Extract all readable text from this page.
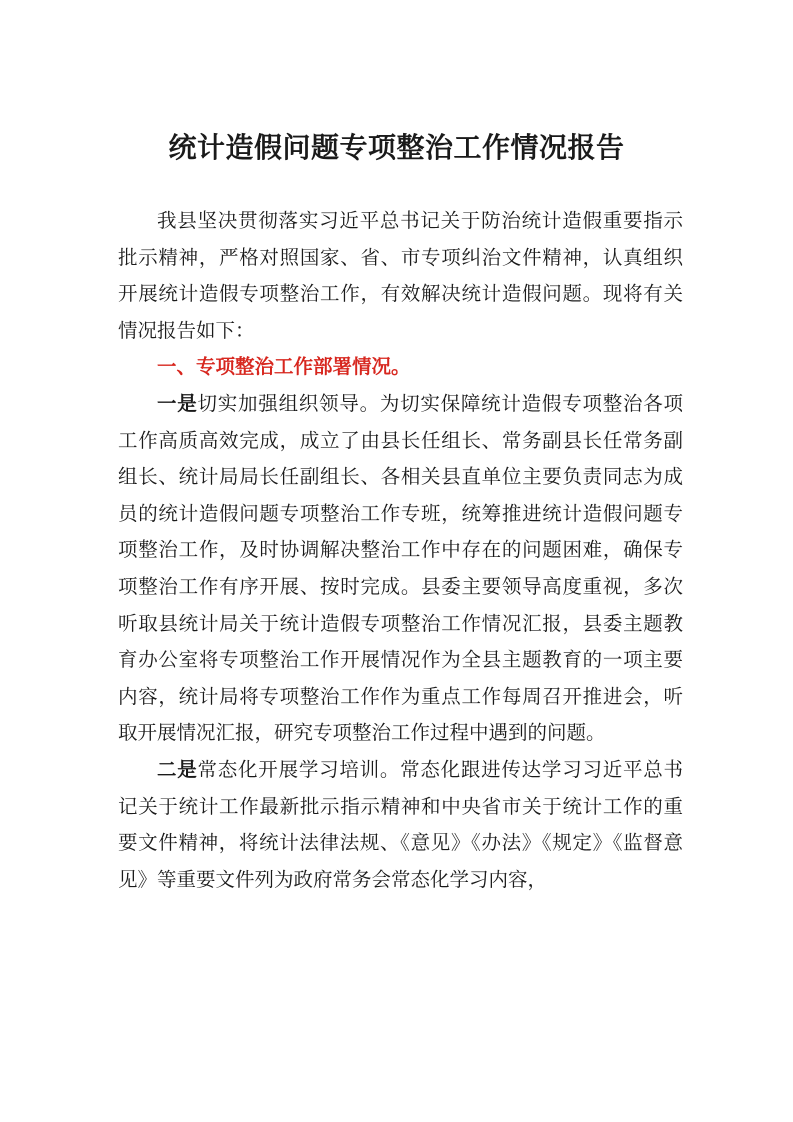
统计造假问题专项整治工作情况报告

我县坚决贯彻落实习近平总书记关于防治统计造假重要指示批示精神，严格对照国家、省、市专项纠治文件精神，认真组织开展统计造假专项整治工作，有效解决统计造假问题。现将有关情况报告如下：

一、专项整治工作部署情况。

一是切实加强组织领导。为切实保障统计造假专项整治各项工作高质高效完成，成立了由县长任组长、常务副县长任常务副组长、统计局局长任副组长、各相关县直单位主要负责同志为成员的统计造假问题专项整治工作专班，统筹推进统计造假问题专项整治工作，及时协调解决整治工作中存在的问题困难，确保专项整治工作有序开展、按时完成。县委主要领导高度重视，多次听取县统计局关于统计造假专项整治工作情况汇报，县委主题教育办公室将专项整治工作开展情况作为全县主题教育的一项主要内容，统计局将专项整治工作作为重点工作每周召开推进会，听取开展情况汇报，研究专项整治工作过程中遇到的问题。

二是常态化开展学习培训。常态化跟进传达学习习近平总书记关于统计工作最新批示指示精神和中央省市关于统计工作的重要文件精神，将统计法律法规、《意见》《办法》《规定》《监督意见》等重要文件列为政府常务会常态化学习内容，
